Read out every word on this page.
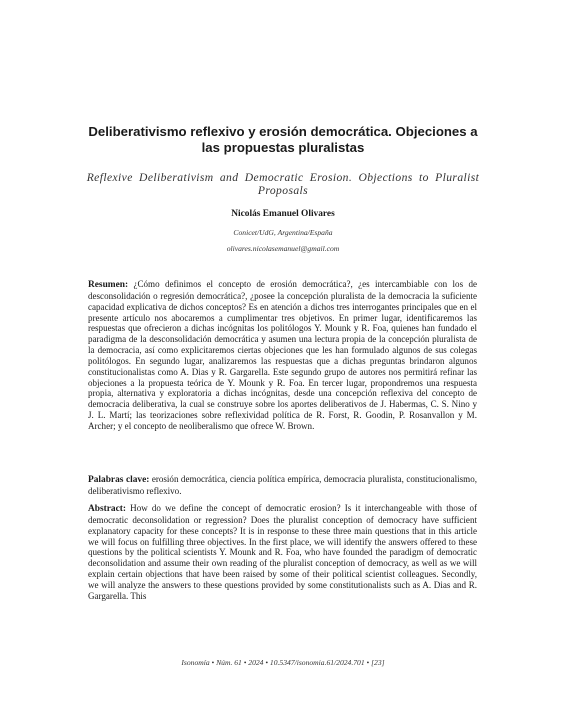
Deliberativismo reflexivo y erosión democrática. Objeciones a las propuestas pluralistas

Reflexive Deliberativism and Democratic Erosion. Objections to Pluralist Proposals

Nicolás Emanuel Olivares

Conicet/UdG, Argentina/España

olivares.nicolasemanuel@gmail.com

Resumen: ¿Cómo definimos el concepto de erosión democrática?, ¿es intercambiable con los de desconsolidación o regresión democrática?, ¿posee la concepción pluralista de la democracia la suficiente capacidad explicativa de dichos conceptos? Es en atención a dichos tres interrogantes principales que en el presente artículo nos abocaremos a cumplimentar tres objetivos. En primer lugar, identificaremos las respuestas que ofrecieron a dichas incógnitas los politólogos Y. Mounk y R. Foa, quienes han fundado el paradigma de la desconsolidación democrática y asumen una lectura propia de la concepción pluralista de la democracia, así como explicitaremos ciertas objeciones que les han formulado algunos de sus colegas politólogos. En segundo lugar, analizaremos las respuestas que a dichas preguntas brindaron algunos constitucionalistas como A. Dias y R. Gargarella. Este segundo grupo de autores nos permitirá refinar las objeciones a la propuesta teórica de Y. Mounk y R. Foa. En tercer lugar, propondremos una respuesta propia, alternativa y exploratoria a dichas incógnitas, desde una concepción reflexiva del concepto de democracia deliberativa, la cual se construye sobre los aportes deliberativos de J. Habermas, C. S. Nino y J. L. Martí; las teorizaciones sobre reflexividad política de R. Forst, R. Goodin, P. Rosanvallon y M. Archer; y el concepto de neoliberalismo que ofrece W. Brown.

Palabras clave: erosión democrática, ciencia política empírica, democracia pluralista, constitucionalismo, deliberativismo reflexivo.

Abstract: How do we define the concept of democratic erosion? Is it interchangeable with those of democratic deconsolidation or regression? Does the pluralist conception of democracy have sufficient explanatory capacity for these concepts? It is in response to these three main questions that in this article we will focus on fulfilling three objectives. In the first place, we will identify the answers offered to these questions by the political scientists Y. Mounk and R. Foa, who have founded the paradigm of democratic deconsolidation and assume their own reading of the pluralist conception of democracy, as well as we will explain certain objections that have been raised by some of their political scientist colleagues. Secondly, we will analyze the answers to these questions provided by some constitutionalists such as A. Dias and R. Gargarella. This

Isonomía • Núm. 61 • 2024 • 10.5347/isonomia.61/2024.701 • [23]
